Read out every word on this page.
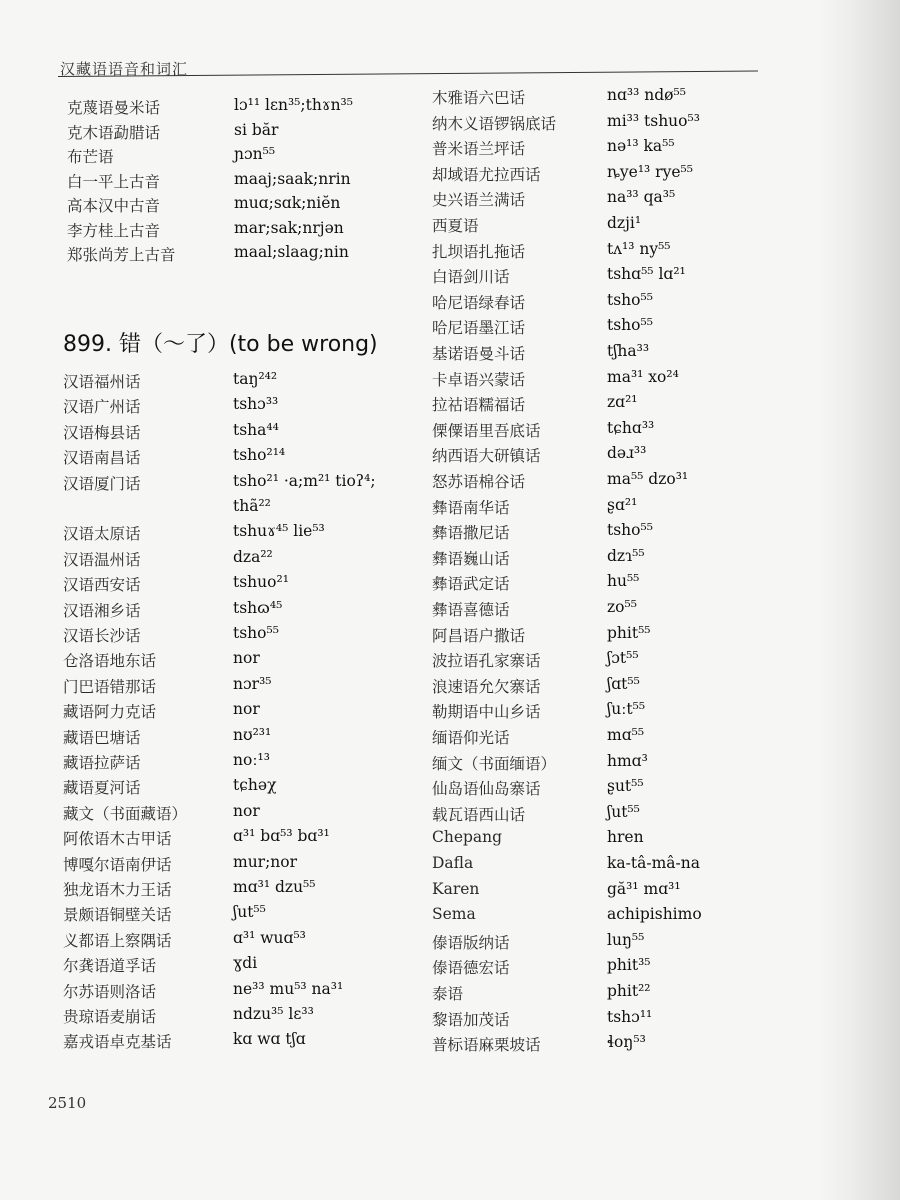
汉藏语语音和词汇
899. 错（～了）(to be wrong)
克蔑语曼米话	lɔ¹¹ lɛn³⁵;thɤn³⁵
克木语勐腊话	si băr
布芒语	ɲɔn⁵⁵
白一平上古音	maaj;saak;nrin
高本汉中古音	muɑ;sɑk;niĕn
李方桂上古音	mar;sak;nrjən
郑张尚芳上古音	maal;slaag;nin
汉语福州话	taŋ²⁴²
汉语广州话	tshɔ³³
汉语梅县话	tsha⁴⁴
汉语南昌话	tsho²¹⁴
汉语厦门话	tsho²¹ ·a;m²¹ tioʔ⁴;
thã²²
汉语太原话	tshuɤ⁴⁵ lie⁵³
汉语温州话	dza²²
汉语西安话	tshuo²¹
汉语湘乡话	tshɷ⁴⁵
汉语长沙话	tsho⁵⁵
仓洛语地东话	nor
门巴语错那话	nɔr³⁵
藏语阿力克话	nor
藏语巴塘话	nʊ²³¹
藏语拉萨话	noː¹³
藏语夏河话	tɕhəχ
藏文（书面藏语）	nor
阿侬语木古甲话	ɑ³¹ bɑ⁵³ bɑ³¹
博嘎尔语南伊话	mur;nor
独龙语木力王话	mɑ³¹ dzu⁵⁵
景颇语铜壁关话	ʃut⁵⁵
义都语上察隅话	ɑ³¹ wuɑ⁵³
尔龚语道孚话	ɣdi
尔苏语则洛话	ne³³ mu⁵³ na³¹
贵琼语麦崩话	ndzu³⁵ lɛ³³
嘉戎语卓克基话	kɑ wɑ tʃɑ
木雅语六巴话	nɑ³³ ndø⁵⁵
纳木义语锣锅底话	mi³³ tshuo⁵³
普米语兰坪话	nə¹³ ka⁵⁵
却域语尤拉西话	ȵye¹³ rye⁵⁵
史兴语兰满话	na³³ qa³⁵
西夏语	dzji¹
扎坝语扎拖话	tʌ¹³ ny⁵⁵
白语剑川话	tshɑ⁵⁵ lɑ²¹
哈尼语绿春话	tsho⁵⁵
哈尼语墨江话	tsho⁵⁵
基诺语曼斗话	tʃha³³
卡卓语兴蒙话	ma³¹ xo²⁴
拉祜语糯福话	zɑ²¹
傈僳语里吾底话	tɕhɑ³³
纳西语大研镇话	dəɹ³³
怒苏语棉谷话	ma⁵⁵ dzo³¹
彝语南华话	ʂɑ²¹
彝语撒尼话	tsho⁵⁵
彝语巍山话	dzɿ⁵⁵
彝语武定话	hu⁵⁵
彝语喜德话	zo⁵⁵
阿昌语户撒话	phit⁵⁵
波拉语孔家寨话	ʃɔt⁵⁵
浪速语允欠寨话	ʃɑt⁵⁵
勒期语中山乡话	ʃuːt⁵⁵
缅语仰光话	mɑ⁵⁵
缅文（书面缅语）	hmɑ³
仙岛语仙岛寨话	ʂut⁵⁵
载瓦语西山话	ʃut⁵⁵
Chepang	hren
Dafla	ka-tâ-mâ-na
Karen	gă³¹ mɑ³¹
Sema	achipishimo
傣语版纳话	luŋ⁵⁵
傣语德宏话	phit³⁵
泰语	phit²²
黎语加茂话	tshɔ¹¹
普标语麻栗坡话	ɬoŋ⁵³
2510
